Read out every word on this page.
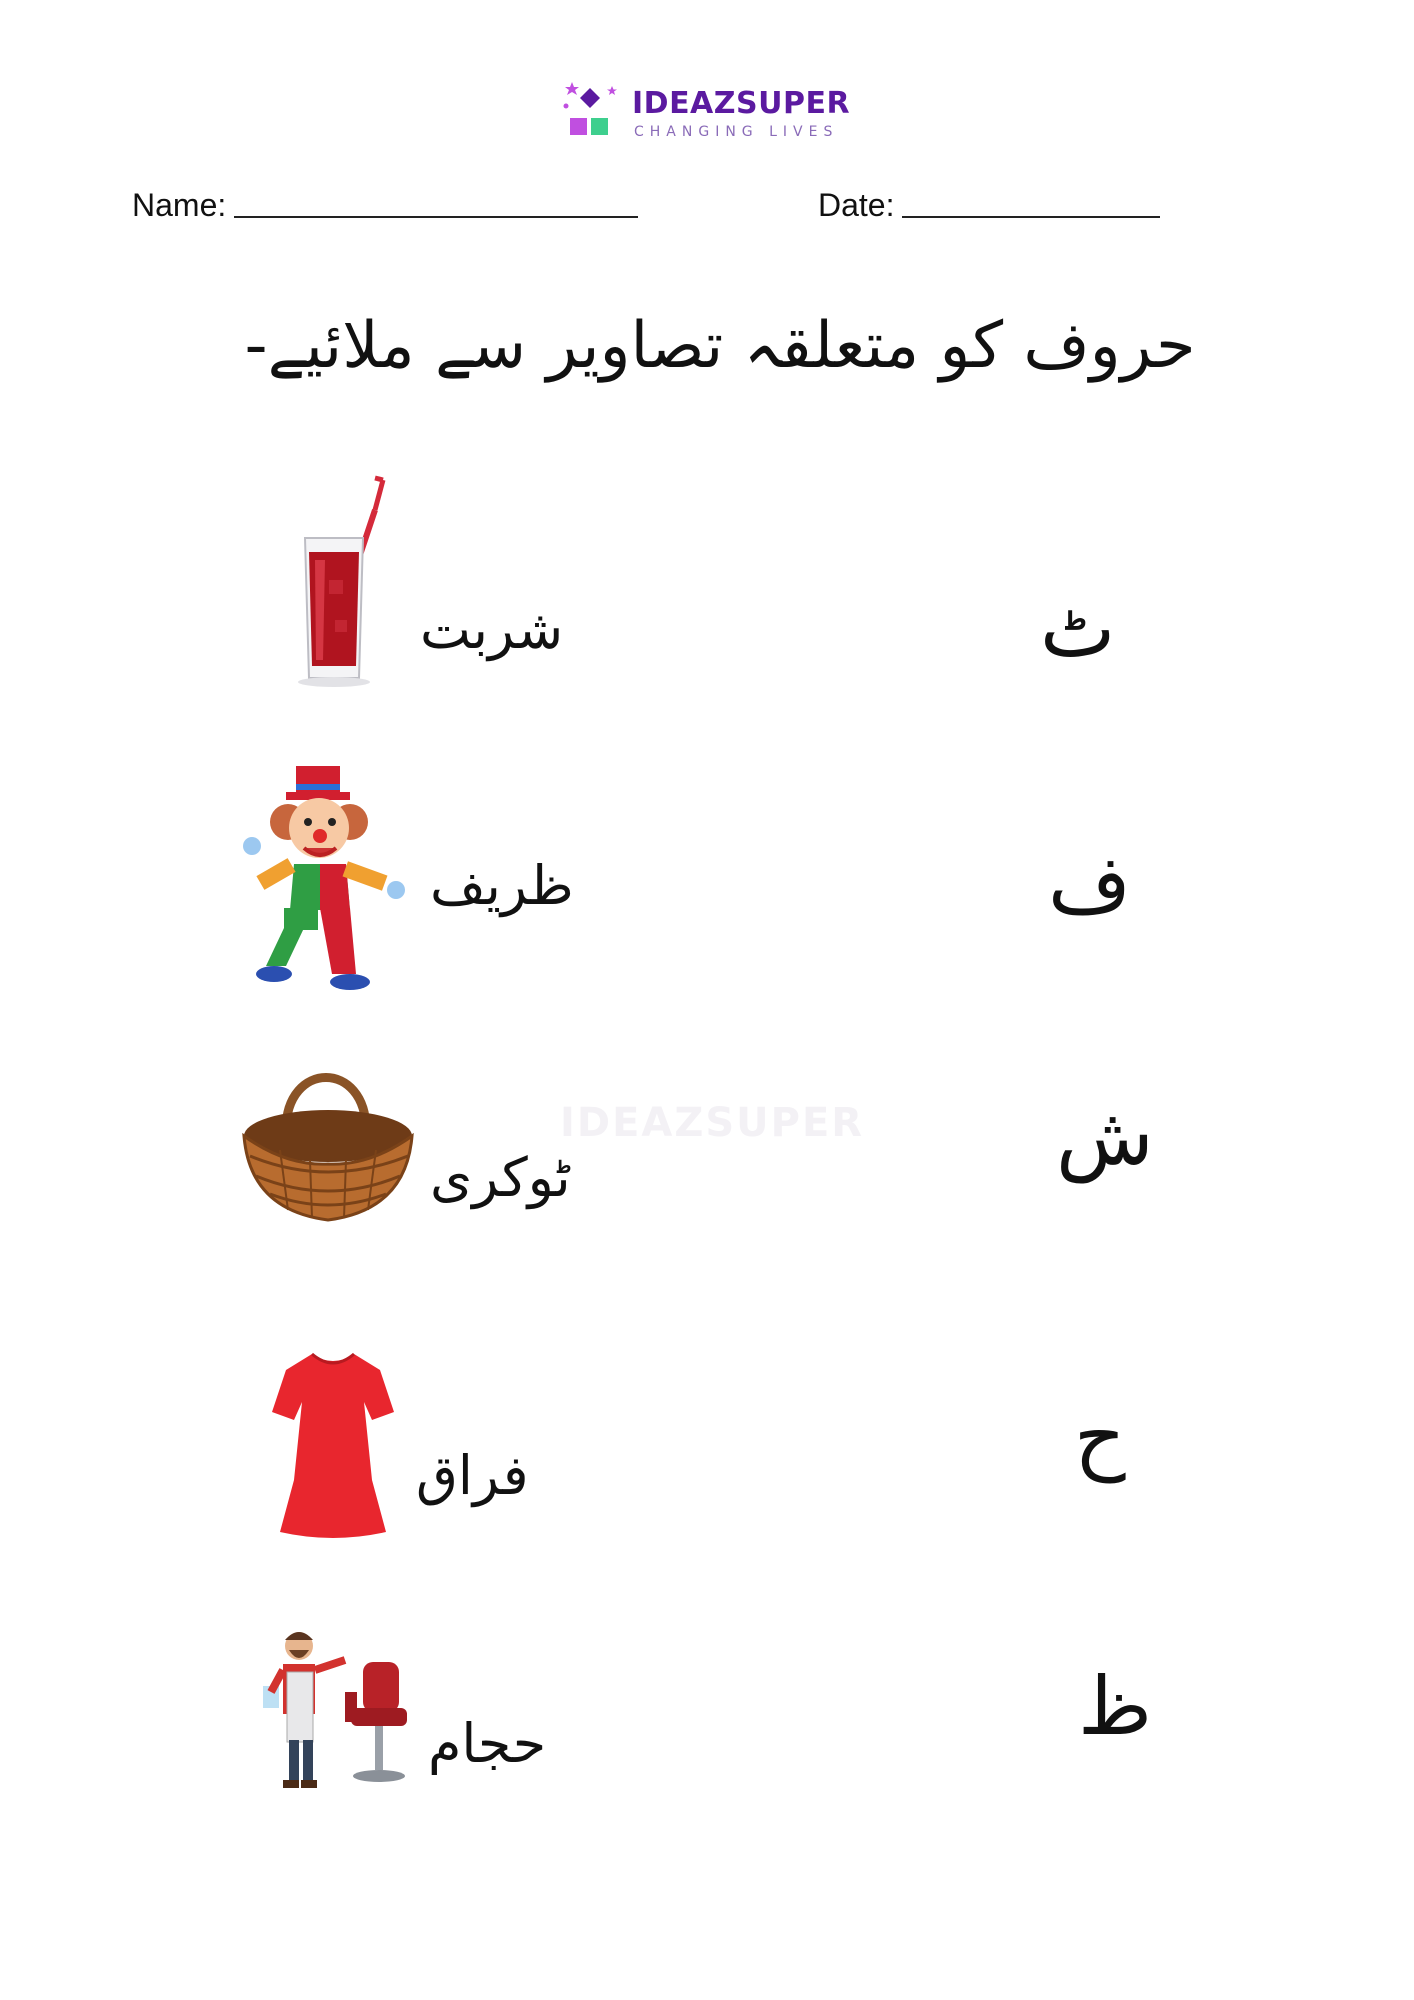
IDEAZSUPER
CHANGING LIVES
Name:	Date:
حروف کو متعلقہ تصاویر سے ملائیے-
IDEAZSUPER
شربت	ٹ
ظریف	ف
ٹوکری	ش
فراق	ح
حجام	ظ
